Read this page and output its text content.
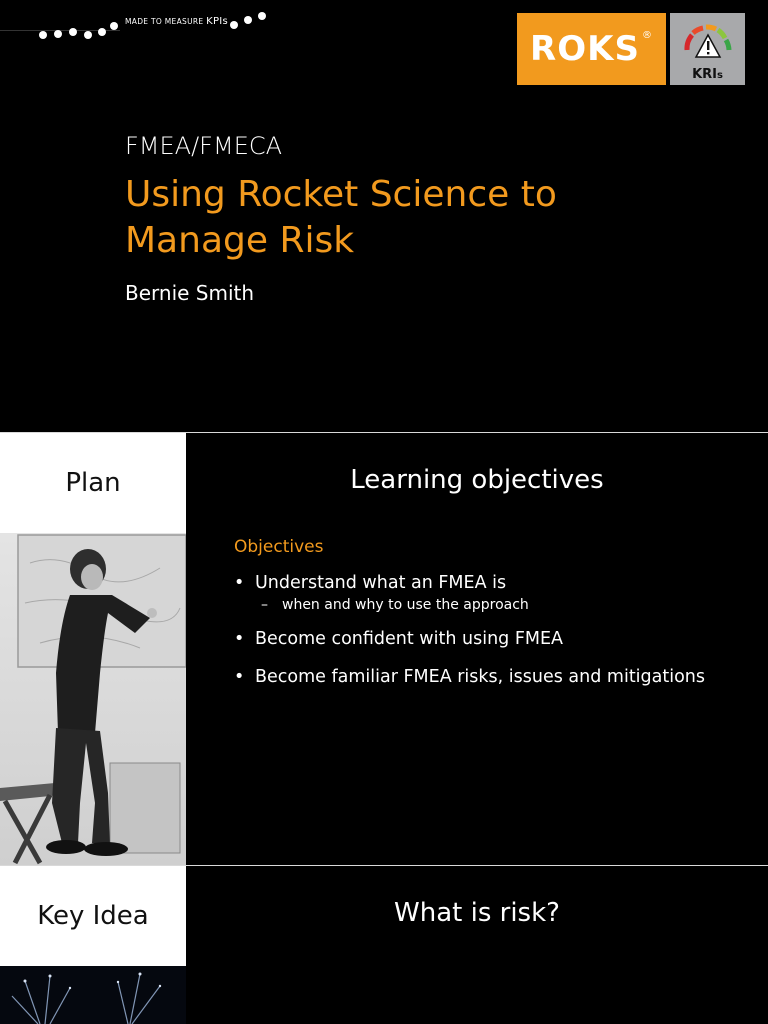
MADE TO MEASURE KPIs
ROKS®
KRIs
FMEA/FMECA
Using Rocket Science to Manage Risk
Bernie Smith
Plan	Learning objectives
Objectives
• Understand what an FMEA is
– when and why to use the approach
• Become confident with using FMEA
• Become familiar FMEA risks, issues and mitigations
Key Idea	What is risk?
